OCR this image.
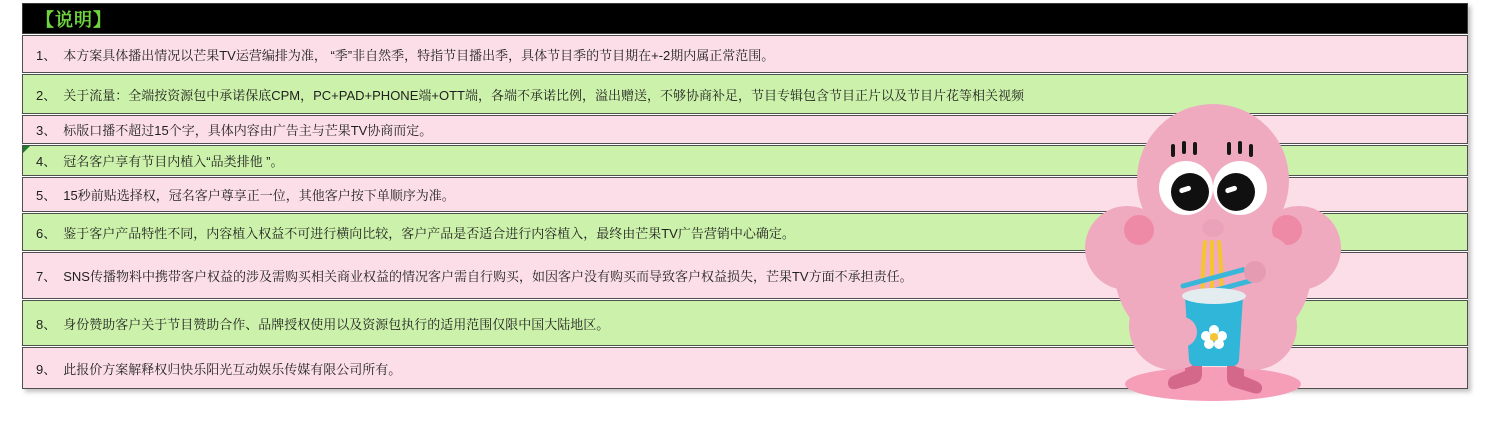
【说明】
1、 本方案具体播出情况以芒果TV运营编排为准， “季”非自然季，特指节目播出季，具体节目季的节目期在+-2期内属正常范围。
2、 关于流量：全端按资源包中承诺保底CPM，PC+PAD+PHONE端+OTT端，各端不承诺比例，溢出赠送，不够协商补足，节目专辑包含节目正片以及节目片花等相关视频
3、 标版口播不超过15个字，具体内容由广告主与芒果TV协商而定。
4、 冠名客户享有节目内植入“品类排他 ”。
5、 15秒前贴选择权，冠名客户尊享正一位，其他客户按下单顺序为准。
6、 鉴于客户产品特性不同，内容植入权益不可进行横向比较，客户产品是否适合进行内容植入，最终由芒果TV广告营销中心确定。
7、 SNS传播物料中携带客户权益的涉及需购买相关商业权益的情况客户需自行购买，如因客户没有购买而导致客户权益损失，芒果TV方面不承担责任。
8、 身份赞助客户关于节目赞助合作、品牌授权使用以及资源包执行的适用范围仅限中国大陆地区。
9、 此报价方案解释权归快乐阳光互动娱乐传媒有限公司所有。
